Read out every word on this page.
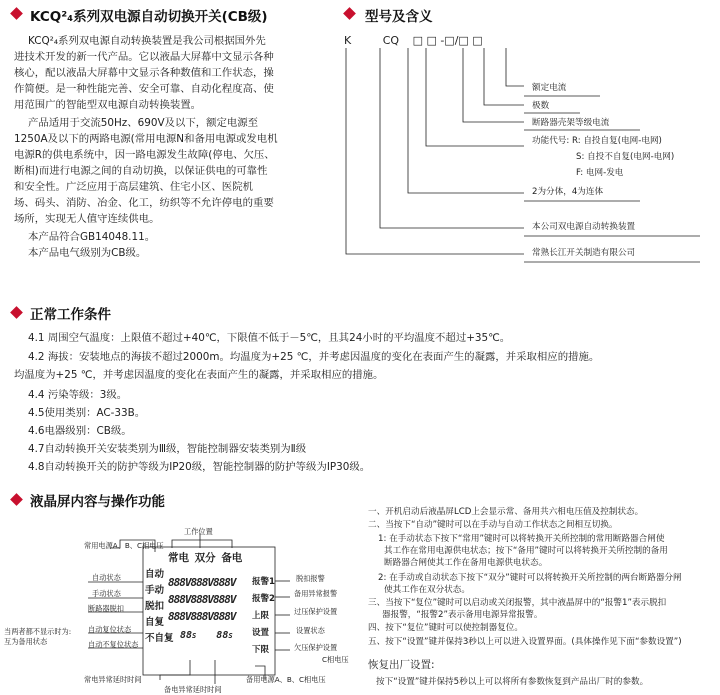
KCQ²₄系列双电源自动切换开关(CB级)
KCQ²₄系列双电源自动转换装置是我公司根据国外先
进技术开发的新一代产品。它以液晶大屏幕中文显示各种
核心，配以液晶大屏幕中文显示各种数值和工作状态，操
作简便。是一种性能完善、安全可靠、自动化程度高、使
用范围广的智能型双电源自动转换装置。
产品适用于交流50Hz、690V及以下，额定电源至
1250A及以下的两路电源(常用电源N和备用电源或发电机
电源R的供电系统中，因一路电源发生故障(停电、欠压、
断相)而进行电源之间的自动切换，以保证供电的可靠性
和安全性。广泛应用于高层建筑、住宅小区、医院机
场、码头、消防、冶金、化工，纺织等不允许停电的重要
场所，实现无人值守连续供电。
本产品符合GB14048.11。
本产品电气级别为CB级。
型号及含义
K	CQ □ □ -□/□ □
额定电流
极数
断路器壳架等级电流
功能代号: R: 自投自复(电网-电网)
S: 自投不自复(电网-电网)
F: 电网-发电
2为分体，4为连体
本公司双电源自动转换装置
常熟长江开关制造有限公司
正常工作条件
4.1 周围空气温度：上限值不超过+40℃，下限值不低于－5℃，且其24小时的平均温度不超过+35℃。
4.2 海拔：安装地点的海拔不超过2000m。均温度为+25 ℃，并考虑因温度的变化在表面产生的凝露，并采取相应的措施。
均温度为+25 ℃，并考虑因温度的变化在表面产生的凝露，并采取相应的措施。
4.4 污染等级：3级。
4.5使用类别：AC-33B。
4.6电器级别：CB级。
4.7自动转换开关安装类别为Ⅲ级，智能控制器安装类别为Ⅱ级
4.8自动转换开关的防护等级为IP20级，智能控制器的防护等级为IP30级。
液晶屏内容与操作功能
常用电源A、B、C相电压
工作位置
自动状态
手动状态
断路器脱扣
自动复位状态
自动不复位状态
当两者都不显示时为:
互为备用状态
脱扣报警
备用异常报警
过压保护设置
设置状态
欠压保护设置
C相电压
常电异常延时时间
备电异常延时时间
备用电源A、B、C相电压
自动
手动
脱扣
自复
不自复
常电 双分 备电
888V888V888V
888V888V888V
888V888V888V
88S 88S
报警1
报警2
上限
设置
下限
一、开机启动后液晶屏LCD上会显示常、备用共六相电压值及控制状态。
二、当按下“自动”键时可以在手动与自动工作状态之间相互切换。
1: 在手动状态下按下“常用”键时可以将转换开关所控制的常用断路器合闸使
其工作在常用电源供电状态；按下“备用”键时可以将转换开关所控制的备用
断路器合闸使其工作在备用电源供电状态。
2: 在手动或自动状态下按下“双分”键时可以将转换开关所控制的两台断路器分闸
使其工作在双分状态。
三、当按下“复位”键时可以启动或关闭报警，其中液晶屏中的“报警1”表示脱扣
器报警，“报警2”表示备用电源异常报警。
四、按下“复位”键时可以使控制器复位。
五、按下“设置”键并保持3秒以上可以进入设置界面。(具体操作见下面“参数设置”)
恢复出厂设置:
按下“设置”键并保持5秒以上可以将所有参数恢复到产品出厂时的参数。
